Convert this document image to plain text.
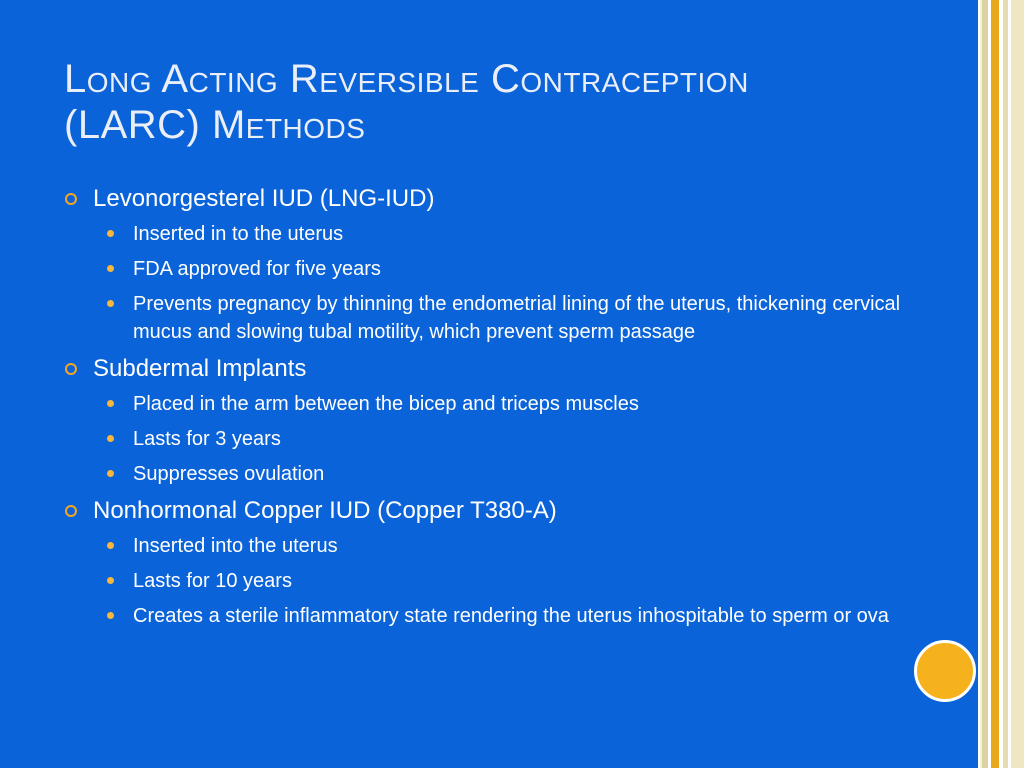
Long Acting Reversible Contraception
(LARC) Methods
Levonorgesterel IUD (LNG-IUD)
Inserted in to the uterus
FDA approved for five years
Prevents pregnancy by thinning the endometrial lining of the uterus, thickening cervical mucus and slowing tubal motility, which prevent sperm passage
Subdermal Implants
Placed in the arm between the bicep and triceps muscles
Lasts for 3 years
Suppresses ovulation
Nonhormonal Copper IUD (Copper T380-A)
Inserted into the uterus
Lasts for 10 years
Creates a sterile inflammatory state rendering the uterus inhospitable to sperm or ova
